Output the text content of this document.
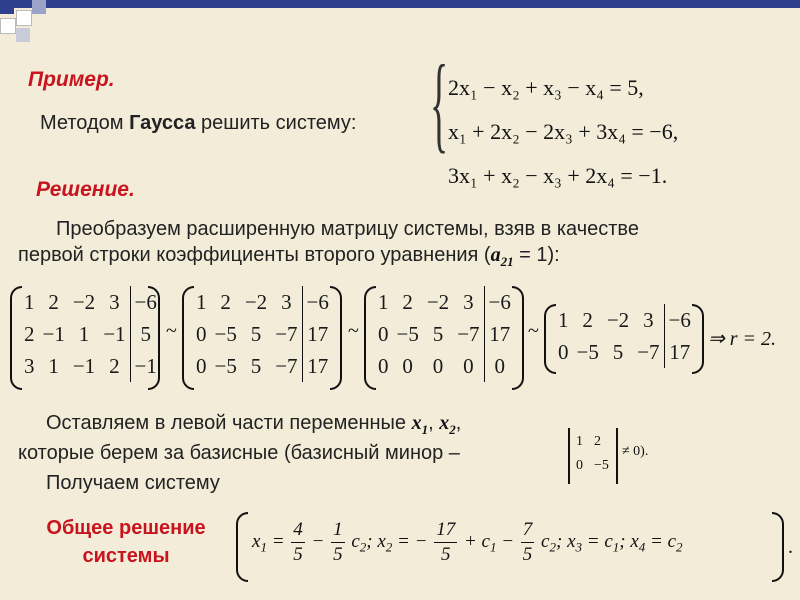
Пример.
Методом Гаусса решить систему: { 2x₁ − x₂ + x₃ − x₄ = 5,
x₁ + 2x₂ − 2x₃ + 3x₄ = −6,
3x₁ + x₂ − x₃ + 2x₄ = −1.
Решение.
Преобразуем расширенную матрицу системы, взяв в качестве
первой строки коэффициенты второго уравнения $(a_{21} = 1)$:
1	2	−2	3	−6
2	−1	1	−1	5
3	1	−1	2	−1
~
1	2	−2	3	−6
0	−5	5	−7	17
0	−5	5	−7	17
~
1	2	−2	3	−6
0	−5	5	−7	17
0	0	0	0	0
~ 1	2	−2	3	−6
0	−5	5	−7	17
⇒ r = 2.
Оставляем в левой части переменные $x_1$, $x_2$,
которые берем за базисные (базисный минор –
Получаем систему
1 2
0 −5
≠ 0).
Общее решение
системы
$x_1 = \frac{4}{5} - \frac{1}{5} c_2$; $x_2$ = − $\frac{17}{5} + c_1 - \frac{7}{5} c_2$; $x_3 = c_1$; $x_4 = c_2$	.
